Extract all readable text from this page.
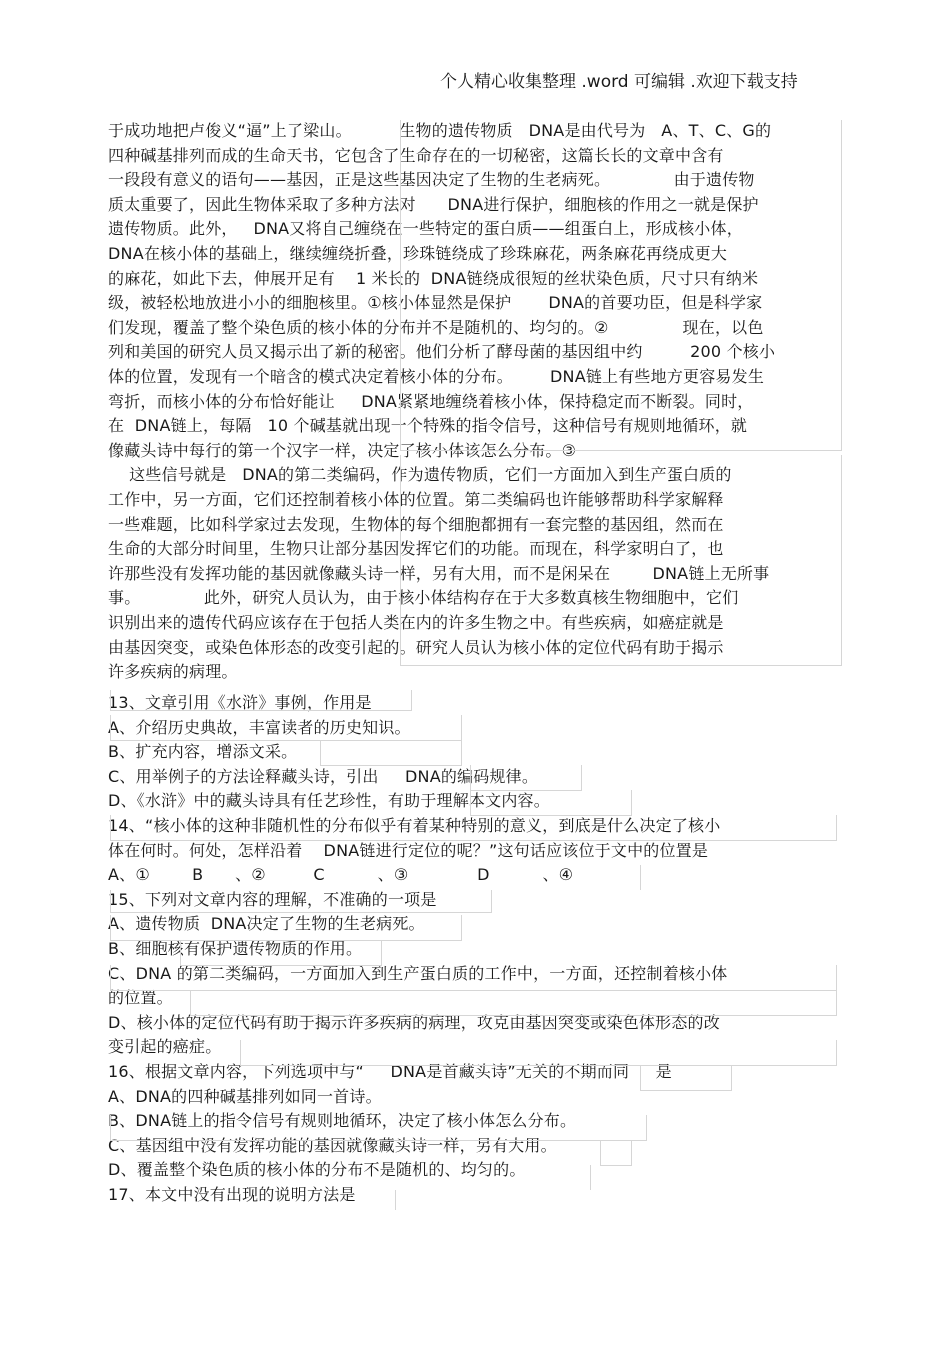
个人精心收集整理 .word 可编辑 .欢迎下载支持
于成功地把卢俊义“逼”上了梁山。         生物的遗传物质   DNA是由代号为   A、T、C、G的
四种碱基排列而成的生命天书，它包含了生命存在的一切秘密，这篇长长的文章中含有
一段段有意义的语句——基因，正是这些基因决定了生物的生老病死。            由于遗传物
质太重要了，因此生物体采取了多种方法对      DNA进行保护，细胞核的作用之一就是保护
遗传物质。此外，   DNA又将自己缠绕在一些特定的蛋白质——组蛋白上，形成核小体，
DNA在核小体的基础上，继续缠绕折叠，珍珠链绕成了珍珠麻花，两条麻花再绕成更大
的麻花，如此下去，伸展开足有    1 米长的  DNA链绕成很短的丝状染色质，尺寸只有纳米
级，被轻松地放进小小的细胞核里。①核小体显然是保护       DNA的首要功臣，但是科学家
们发现，覆盖了整个染色质的核小体的分布并不是随机的、均匀的。②              现在，以色
列和美国的研究人员又揭示出了新的秘密。他们分析了酵母菌的基因组中约         200 个核小
体的位置，发现有一个暗含的模式决定着核小体的分布。       DNA链上有些地方更容易发生
弯折，而核小体的分布恰好能让     DNA紧紧地缠绕着核小体，保持稳定而不断裂。同时，
在  DNA链上，每隔   10 个碱基就出现一个特殊的指令信号，这种信号有规则地循环，就
像藏头诗中每行的第一个汉字一样，决定了核小体该怎么分布。③
这些信号就是   DNA的第二类编码，作为遗传物质，它们一方面加入到生产蛋白质的
工作中，另一方面，它们还控制着核小体的位置。第二类编码也许能够帮助科学家解释
一些难题，比如科学家过去发现，生物体的每个细胞都拥有一套完整的基因组，然而在
生命的大部分时间里，生物只让部分基因发挥它们的功能。而现在，科学家明白了，也
许那些没有发挥功能的基因就像藏头诗一样，另有大用，而不是闲呆在        DNA链上无所事
事。            此外，研究人员认为，由于核小体结构存在于大多数真核生物细胞中，它们
识别出来的遗传代码应该存在于包括人类在内的许多生物之中。有些疾病，如癌症就是
由基因突变，或染色体形态的改变引起的。研究人员认为核小体的定位代码有助于揭示
许多疾病的病理。
13、文章引用《水浒》事例，作用是
A、介绍历史典故，丰富读者的历史知识。
B、扩充内容，增添文采。
C、用举例子的方法诠释藏头诗，引出     DNA的编码规律。
D、《水浒》中的藏头诗具有任艺珍性，有助于理解本文内容。
14、“核小体的这种非随机性的分布似乎有着某种特别的意义，到底是什么决定了核小
体在何时。何处，怎样沿着    DNA链进行定位的呢？”这句话应该位于文中的位置是
A、①        B      、②         C          、③             D          、④
15、下列对文章内容的理解，不准确的一项是
A、遗传物质  DNA决定了生物的生老病死。
B、细胞核有保护遗传物质的作用。
C、DNA 的第二类编码，一方面加入到生产蛋白质的工作中，一方面，还控制着核小体
的位置。
D、核小体的定位代码有助于揭示许多疾病的病理，攻克由基因突变或染色体形态的改
变引起的癌症。
16、根据文章内容，下列选项中与“     DNA是首藏头诗”无关的不期而同     是
A、DNA的四种碱基排列如同一首诗。
B、DNA链上的指令信号有规则地循环，决定了核小体怎么分布。
C、基因组中没有发挥功能的基因就像藏头诗一样，另有大用。
D、覆盖整个染色质的核小体的分布不是随机的、均匀的。
17、本文中没有出现的说明方法是
